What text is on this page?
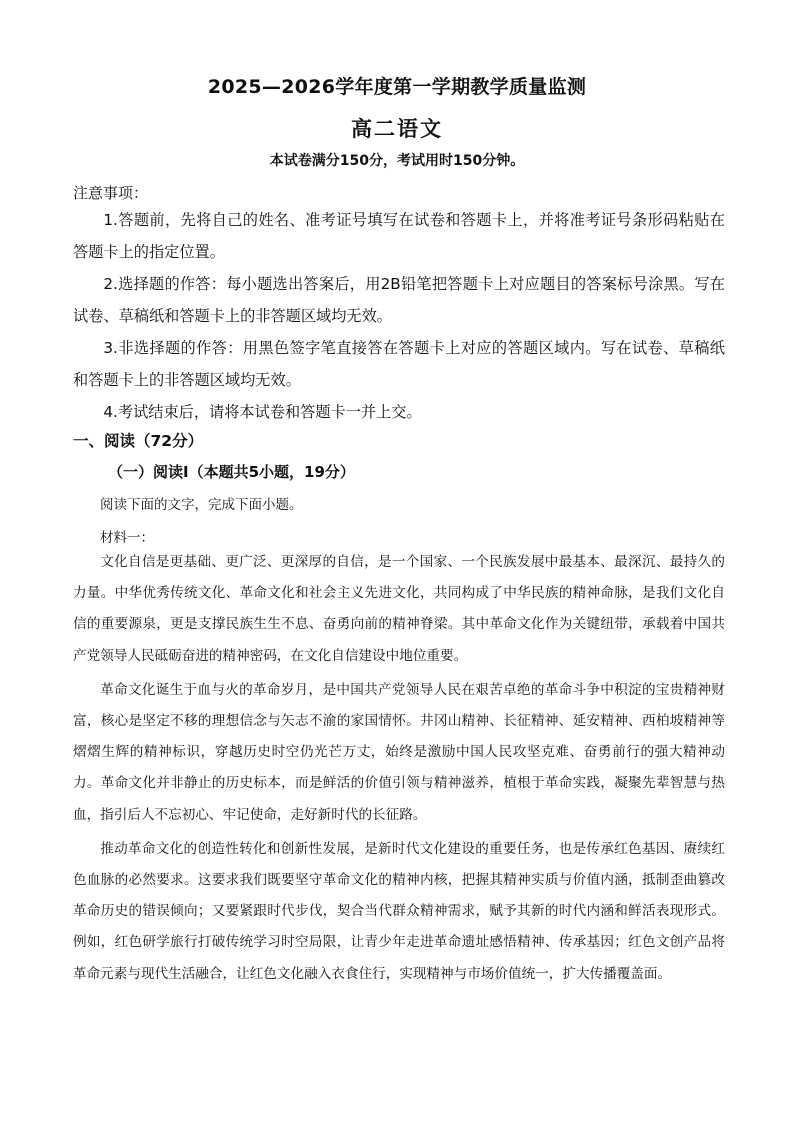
2025—2026学年度第一学期教学质量监测
高二语文
本试卷满分150分，考试用时150分钟。
注意事项：

1.答题前，先将自己的姓名、准考证号填写在试卷和答题卡上，并将准考证号条形码粘贴在答题卡上的指定位置。

2.选择题的作答：每小题选出答案后，用2B铅笔把答题卡上对应题目的答案标号涂黑。写在试卷、草稿纸和答题卡上的非答题区域均无效。

3.非选择题的作答：用黑色签字笔直接答在答题卡上对应的答题区域内。写在试卷、草稿纸和答题卡上的非答题区域均无效。

4.考试结束后，请将本试卷和答题卡一并上交。

一、阅读（72分）
（一）阅读Ⅰ（本题共5小题，19分）
阅读下面的文字，完成下面小题。
材料一：

文化自信是更基础、更广泛、更深厚的自信，是一个国家、一个民族发展中最基本、最深沉、最持久的力量。中华优秀传统文化、革命文化和社会主义先进文化，共同构成了中华民族的精神命脉，是我们文化自信的重要源泉，更是支撑民族生生不息、奋勇向前的精神脊梁。其中革命文化作为关键纽带，承载着中国共产党领导人民砥砺奋进的精神密码，在文化自信建设中地位重要。

革命文化诞生于血与火的革命岁月，是中国共产党领导人民在艰苦卓绝的革命斗争中积淀的宝贵精神财富，核心是坚定不移的理想信念与矢志不渝的家国情怀。井冈山精神、长征精神、延安精神、西柏坡精神等熠熠生辉的精神标识，穿越历史时空仍光芒万丈，始终是激励中国人民攻坚克难、奋勇前行的强大精神动力。革命文化并非静止的历史标本，而是鲜活的价值引领与精神滋养，植根于革命实践，凝聚先辈智慧与热血，指引后人不忘初心、牢记使命，走好新时代的长征路。

推动革命文化的创造性转化和创新性发展，是新时代文化建设的重要任务，也是传承红色基因、赓续红色血脉的必然要求。这要求我们既要坚守革命文化的精神内核，把握其精神实质与价值内涵，抵制歪曲篡改革命历史的错误倾向；又要紧跟时代步伐，契合当代群众精神需求，赋予其新的时代内涵和鲜活表现形式。例如，红色研学旅行打破传统学习时空局限，让青少年走进革命遗址感悟精神、传承基因；红色文创产品将革命元素与现代生活融合，让红色文化融入衣食住行，实现精神与市场价值统一，扩大传播覆盖面。
